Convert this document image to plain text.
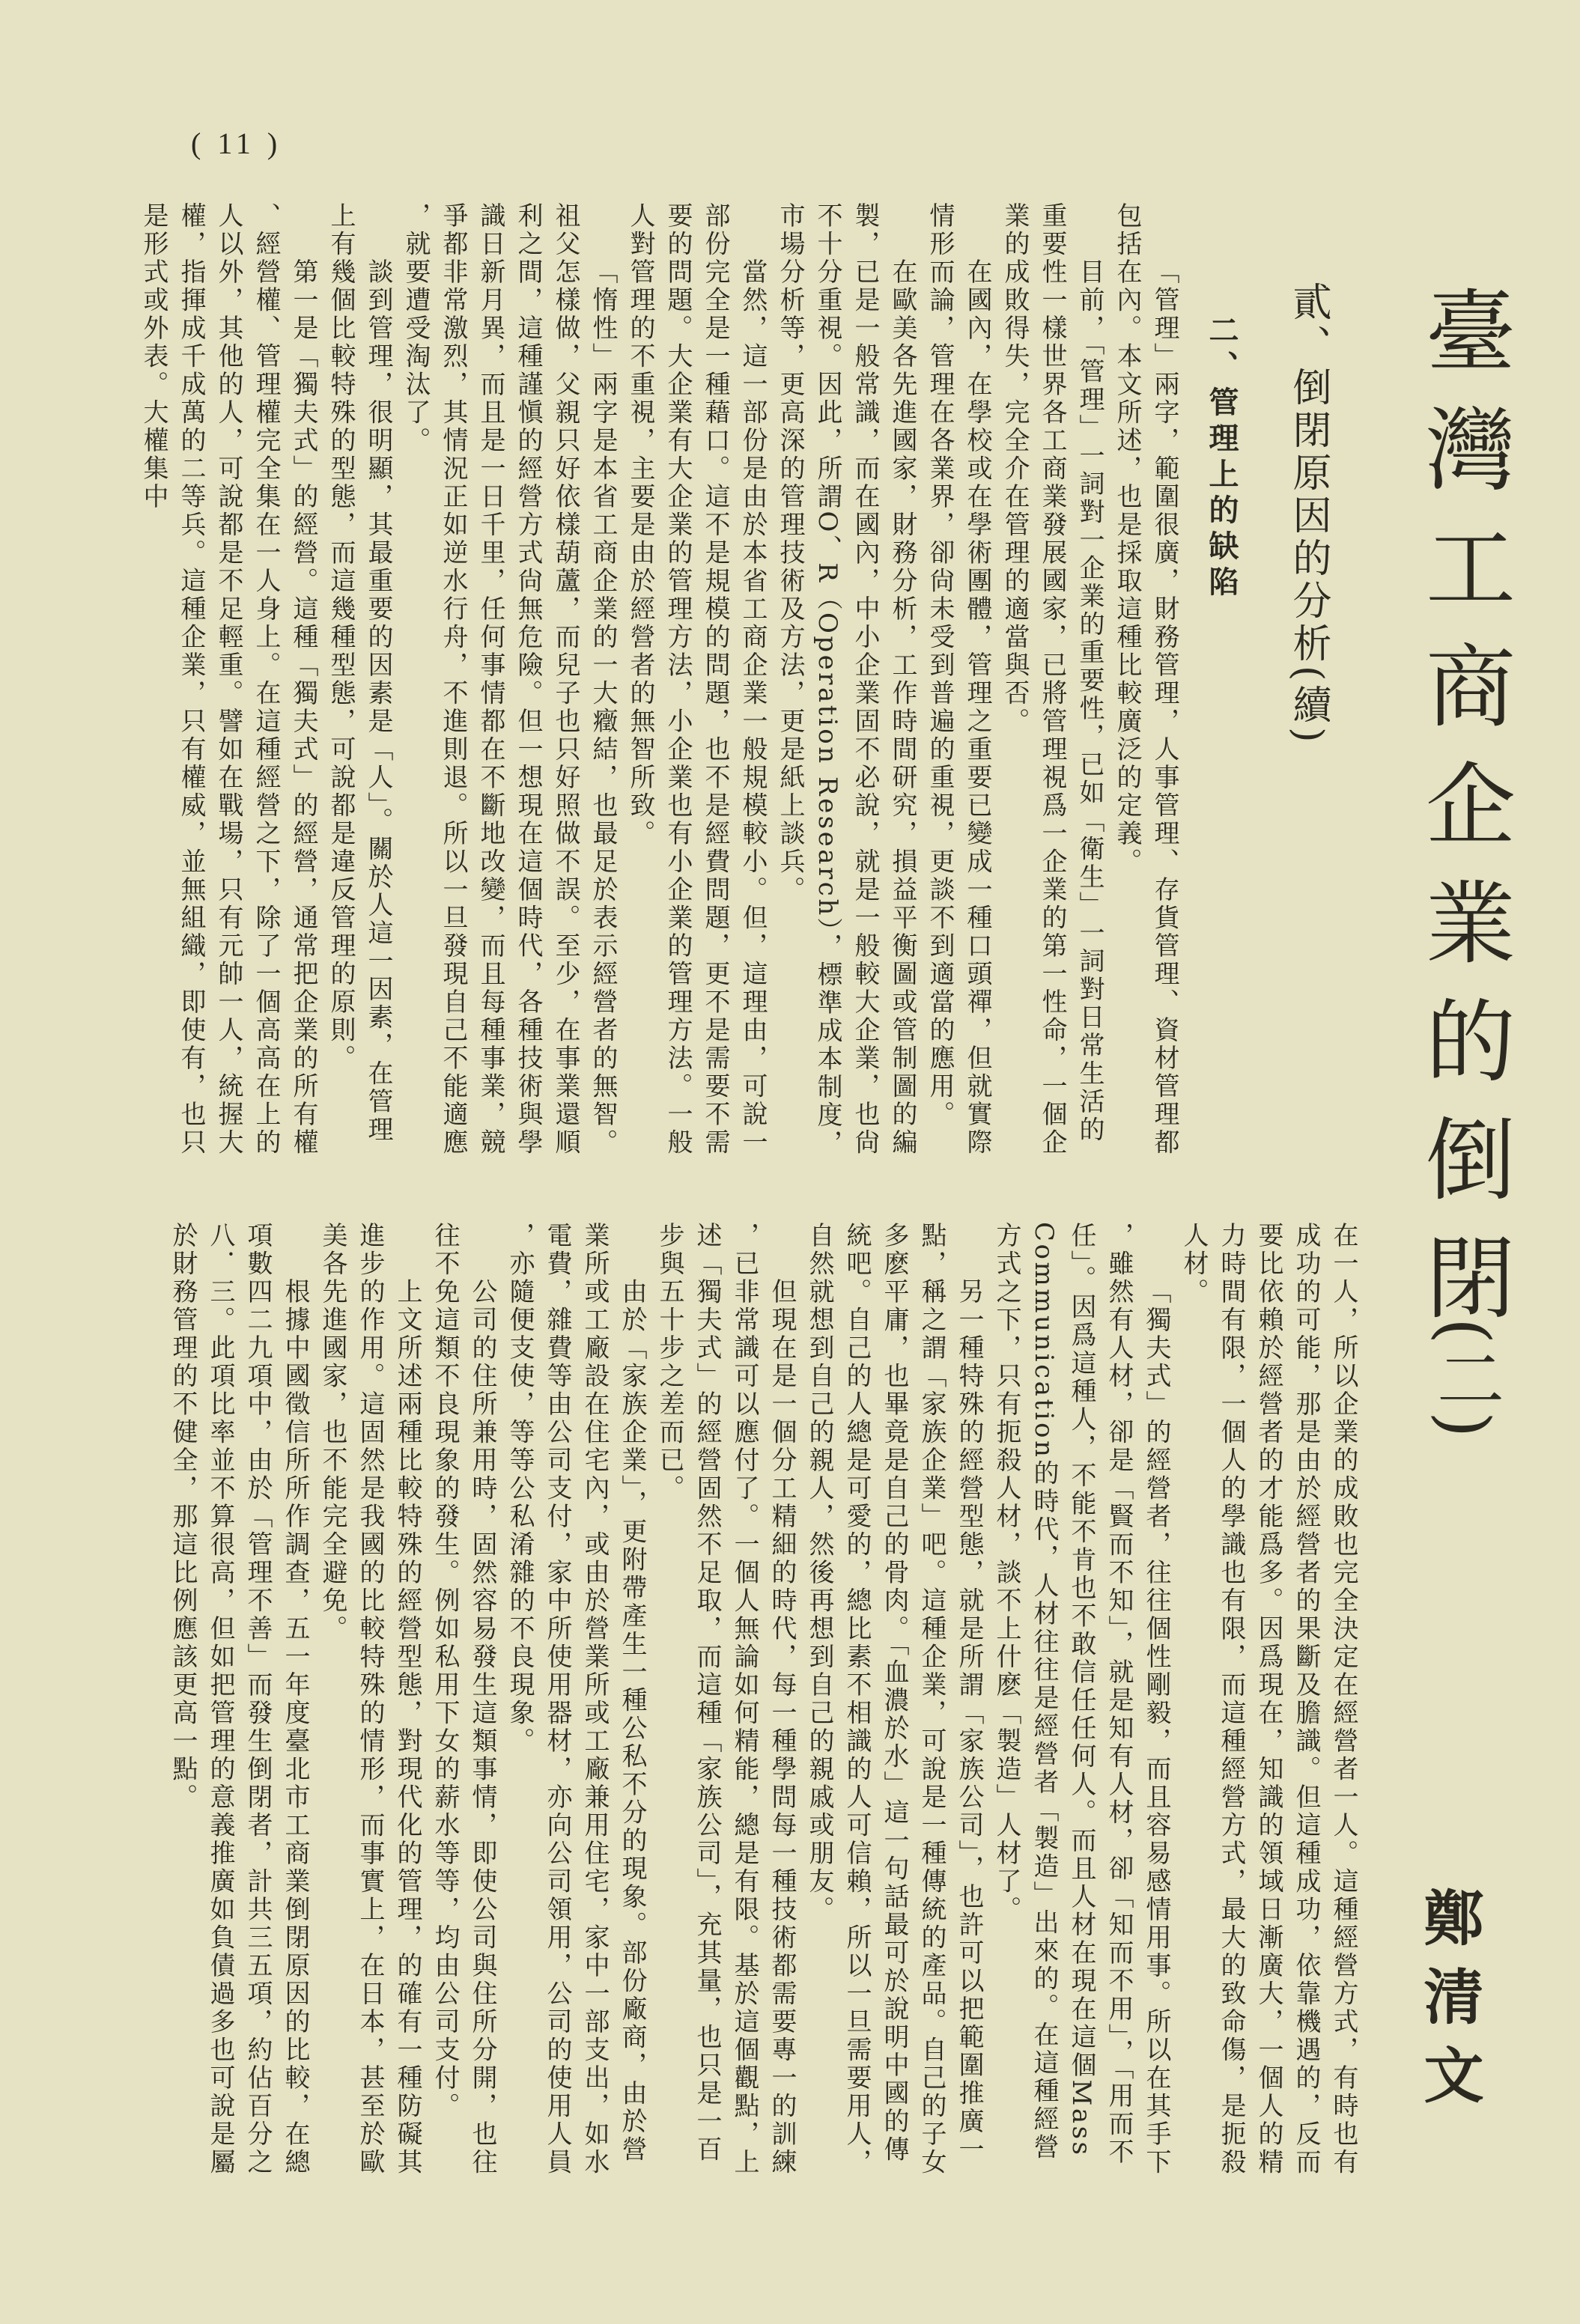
( 11 )
臺灣工商企業的倒閉
(二)
貳、倒閉原因的分析(續)
二、管理上的缺陷
鄭清文

「管理」兩字，範圍很廣，財務管理，人事管理、存貨管理、資材管理都包括在內。本文所述，也是採取這種比較廣泛的定義。

目前，「管理」一詞對一企業的重要性，已如「衛生」一詞對日常生活的重要性一樣世界各工商業發展國家，已將管理視爲一企業的第一性命，一個企業的成敗得失，完全介在管理的適當與否。

在國內，在學校或在學術團體，管理之重要已變成一種口頭禪，但就實際情形而論，管理在各業界，卻尙未受到普遍的重視，更談不到適當的應用。

在歐美各先進國家，財務分析，工作時間研究，損益平衡圖或管制圖的編製，已是一般常識，而在國內，中小企業固不必說，就是一般較大企業，也尙不十分重視。因此，所謂O、R（Operation Research），標準成本制度，市場分析等，更高深的管理技術及方法，更是紙上談兵。

當然，這一部份是由於本省工商企業一般規模較小。但，這理由，可說一部份完全是一種藉口。這不是規模的問題，也不是經費問題，更不是需要不需要的問題。大企業有大企業的管理方法，小企業也有小企業的管理方法。一般人對管理的不重視，主要是由於經營者的無智所致。

「惰性」兩字是本省工商企業的一大癥結，也最足於表示經營者的無智。祖父怎樣做，父親只好依樣葫蘆，而兒子也只好照做不誤。至少，在事業還順利之間，這種謹愼的經營方式尙無危險。但一想現在這個時代，各種技術與學識日新月異，而且是一日千里，任何事情都在不斷地改變，而且每種事業，競爭都非常激烈，其情況正如逆水行舟，不進則退。所以一旦發現自己不能適應，就要遭受淘汰了。

談到管理，很明顯，其最重要的因素是「人」。關於人這一因素，在管理上有幾個比較特殊的型態，而這幾種型態，可說都是違反管理的原則。

第一是「獨夫式」的經營。這種「獨夫式」的經營，通常把企業的所有權、經營權、管理權完全集在一人身上。在這種經營之下，除了一個高高在上的人以外，其他的人，可說都是不足輕重。譬如在戰場，只有元帥一人，統握大權，指揮成千成萬的二等兵。這種企業，只有權威，並無組織，即使有，也只是形式或外表。大權集中

在一人，所以企業的成敗也完全決定在經營者一人。這種經營方式，有時也有成功的可能，那是由於經營者的果斷及膽識。但這種成功，依靠機遇的，反而要比依賴於經營者的才能爲多。因爲現在，知識的領域日漸廣大，一個人的精力時間有限，一個人的學識也有限，而這種經營方式，最大的致命傷，是扼殺人材。

「獨夫式」的經營者，往往個性剛毅，而且容易感情用事。所以在其手下，雖然有人材，卻是「賢而不知」，就是知有人材，卻「知而不用」，「用而不任」。因爲這種人，不能不肯也不敢信任任何人。而且人材在現在這個Mass Communication的時代，人材往往是經營者「製造」出來的。在這種經營方式之下，只有扼殺人材，談不上什麽「製造」人材了。

另一種特殊的經營型態，就是所謂「家族公司」，也許可以把範圍推廣一點，稱之謂「家族企業」吧。這種企業，可說是一種傳統的產品。自己的子女多麽平庸，也畢竟是自己的骨肉。「血濃於水」這一句話最可於說明中國的傳統吧。自己的人總是可愛的，總比素不相識的人可信賴，所以一旦需要用人，自然就想到自己的親人，然後再想到自己的親戚或朋友。

但現在是一個分工精細的時代，每一種學問每一種技術都需要專一的訓練，已非常識可以應付了。一個人無論如何精能，總是有限。基於這個觀點，上述「獨夫式」的經營固然不足取，而這種「家族公司」，充其量，也只是一百步與五十步之差而已。

由於「家族企業」，更附帶產生一種公私不分的現象。部份廠商，由於營業所或工廠設在住宅內，或由於營業所或工廠兼用住宅，家中一部支出，如水電費，雜費等由公司支付，家中所使用器材，亦向公司領用，公司的使用人員，亦隨便支使，等等公私淆雜的不良現象。

公司的住所兼用時，固然容易發生這類事情，即使公司與住所分開，也往往不免這類不良現象的發生。例如私用下女的薪水等等，均由公司支付。

上文所述兩種比較特殊的經營型態，對現代化的管理，的確有一種防礙其進步的作用。這固然是我國的比較特殊的情形，而事實上，在日本，甚至於歐美各先進國家，也不能完全避免。

根據中國徵信所所作調查，五一年度臺北市工商業倒閉原因的比較，在總項數四二九項中，由於「管理不善」而發生倒閉者，計共三五項，約佔百分之八．三。此項比率並不算很高，但如把管理的意義推廣如負債過多也可說是屬於財務管理的不健全，那這比例應該更高一點。
